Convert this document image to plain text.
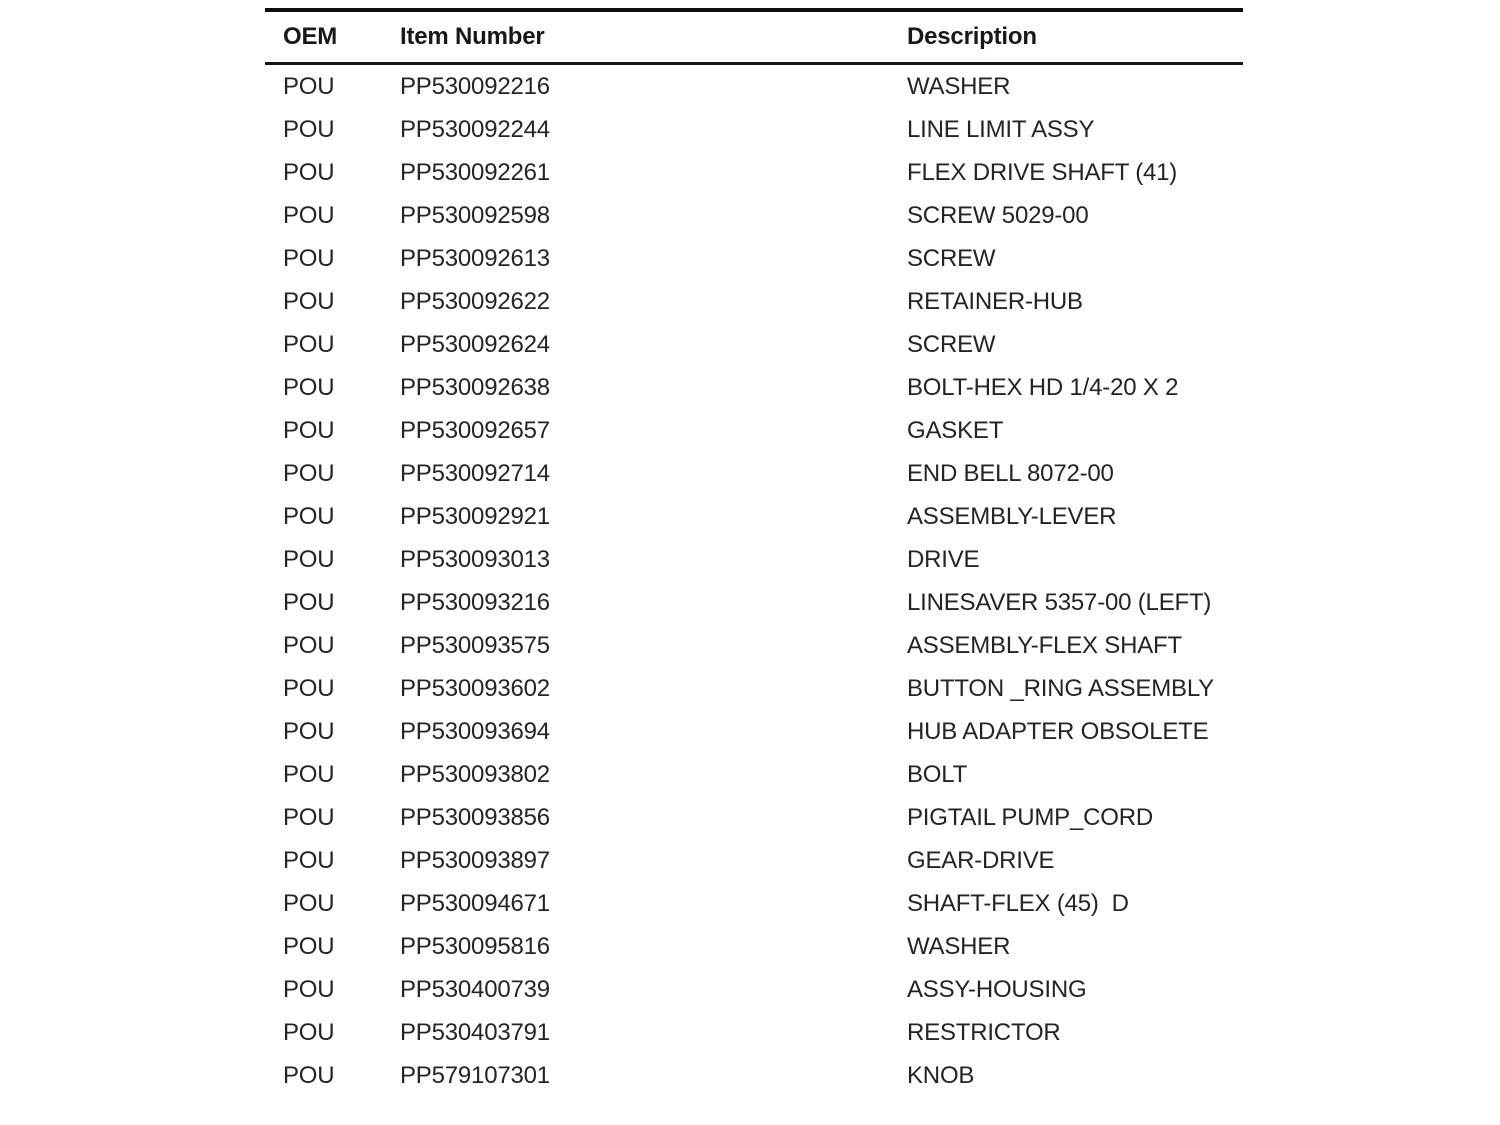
OEM	Item Number	Description
POU	PP530092216	WASHER
POU	PP530092244	LINE LIMIT ASSY
POU	PP530092261	FLEX DRIVE SHAFT (41)
POU	PP530092598	SCREW 5029-00
POU	PP530092613	SCREW
POU	PP530092622	RETAINER-HUB
POU	PP530092624	SCREW
POU	PP530092638	BOLT-HEX HD 1/4-20 X 2
POU	PP530092657	GASKET
POU	PP530092714	END BELL 8072-00
POU	PP530092921	ASSEMBLY-LEVER
POU	PP530093013	DRIVE
POU	PP530093216	LINESAVER 5357-00 (LEFT)
POU	PP530093575	ASSEMBLY-FLEX SHAFT
POU	PP530093602	BUTTON _RING ASSEMBLY
POU	PP530093694	HUB ADAPTER OBSOLETE
POU	PP530093802	BOLT
POU	PP530093856	PIGTAIL PUMP_CORD
POU	PP530093897	GEAR-DRIVE
POU	PP530094671	SHAFT-FLEX (45)  D
POU	PP530095816	WASHER
POU	PP530400739	ASSY-HOUSING
POU	PP530403791	RESTRICTOR
POU	PP579107301	KNOB
